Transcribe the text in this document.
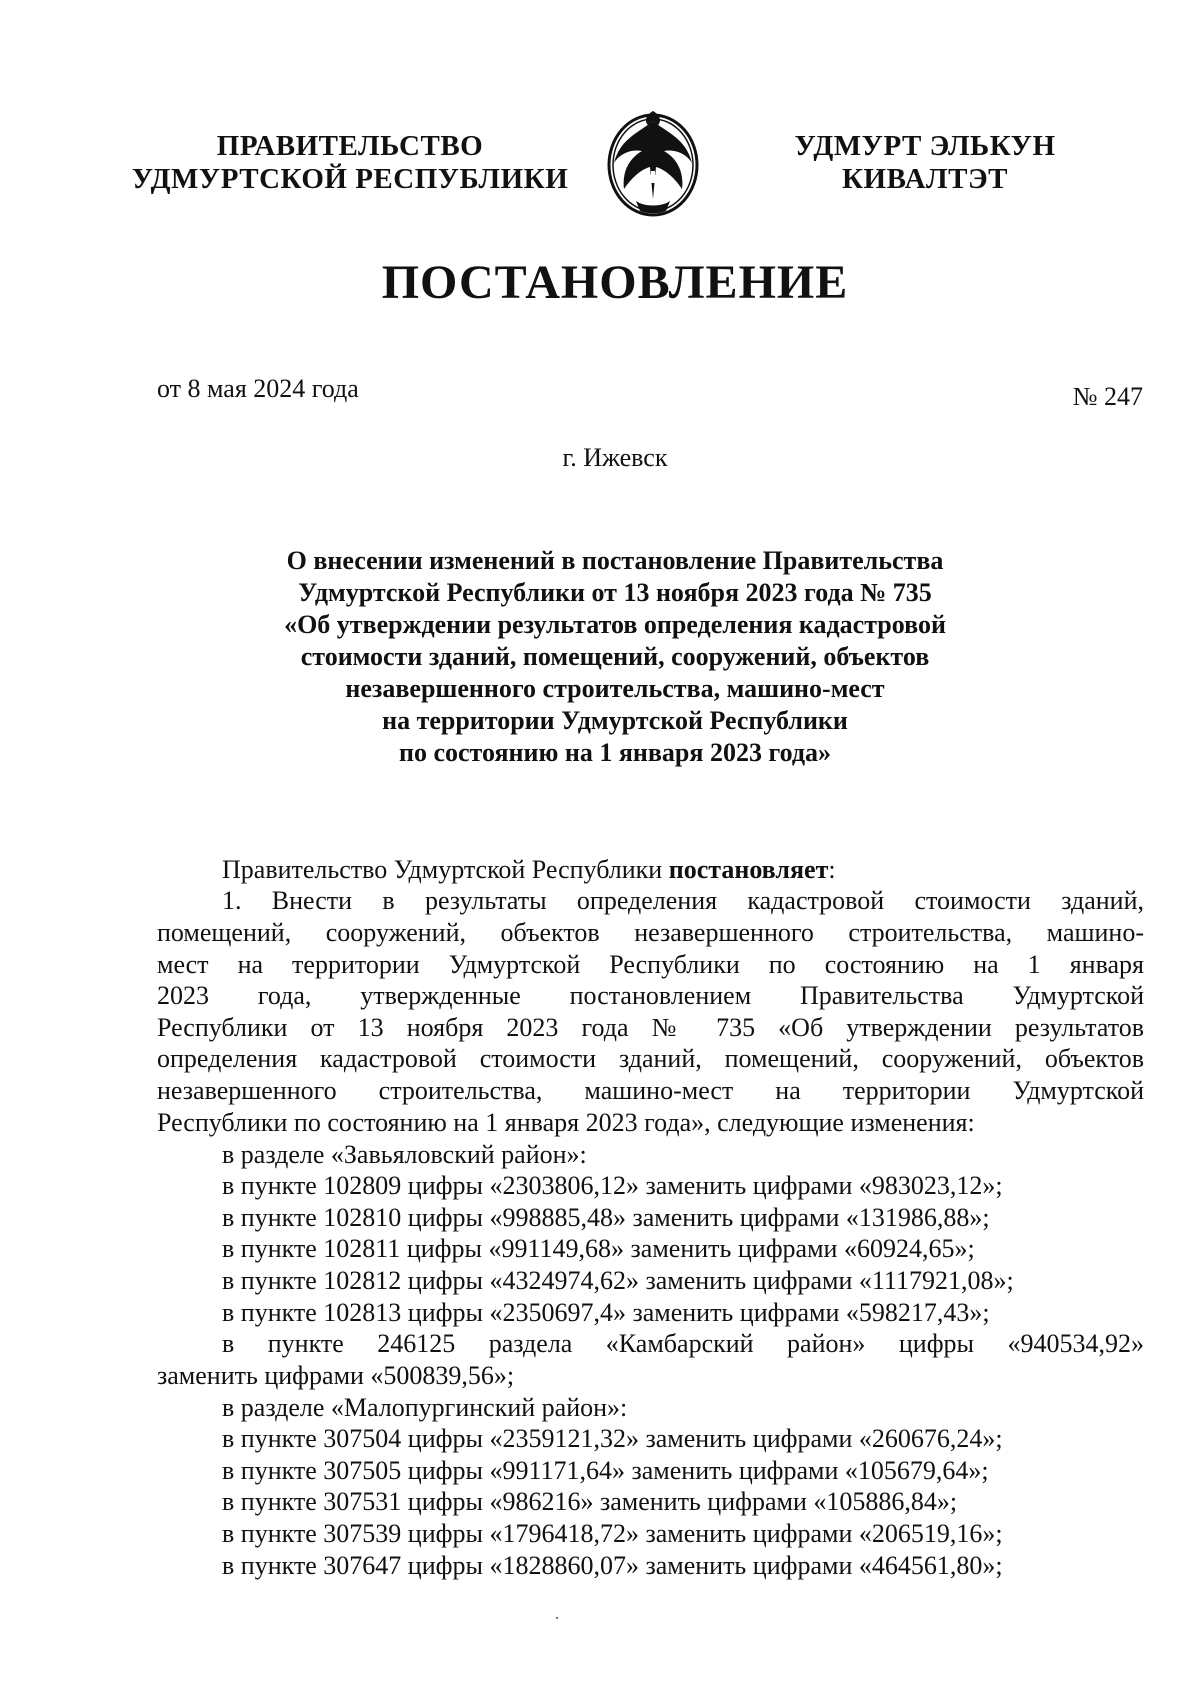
ПРАВИТЕЛЬСТВО
УДМУРТСКОЙ РЕСПУБЛИКИ
УДМУРТ ЭЛЬКУН
КИВАЛТЭТ
ПОСТАНОВЛЕНИЕ
от 8 мая 2024 года	№ 247
г. Ижевск
О внесении изменений в постановление Правительства
Удмуртской Республики от 13 ноября 2023 года № 735
«Об утверждении результатов определения кадастровой
стоимости зданий, помещений, сооружений, объектов
незавершенного строительства, машино-мест
на территории Удмуртской Республики
по состоянию на 1 января 2023 года»
Правительство Удмуртской Республики постановляет:
1. Внести в результаты определения кадастровой стоимости зданий,
помещений, сооружений, объектов незавершенного строительства, машино-
мест на территории Удмуртской Республики по состоянию на 1 января
2023 года, утвержденные постановлением Правительства Удмуртской
Республики от 13 ноября 2023 года № 735 «Об утверждении результатов
определения кадастровой стоимости зданий, помещений, сооружений, объектов
незавершенного строительства, машино-мест на территории Удмуртской
Республики по состоянию на 1 января 2023 года», следующие изменения:
в разделе «Завьяловский район»:
в пункте 102809 цифры «2303806,12» заменить цифрами «983023,12»;
в пункте 102810 цифры «998885,48» заменить цифрами «131986,88»;
в пункте 102811 цифры «991149,68» заменить цифрами «60924,65»;
в пункте 102812 цифры «4324974,62» заменить цифрами «1117921,08»;
в пункте 102813 цифры «2350697,4» заменить цифрами «598217,43»;
в пункте 246125 раздела «Камбарский район» цифры «940534,92»
заменить цифрами «500839,56»;
в разделе «Малопургинский район»:
в пункте 307504 цифры «2359121,32» заменить цифрами «260676,24»;
в пункте 307505 цифры «991171,64» заменить цифрами «105679,64»;
в пункте 307531 цифры «986216» заменить цифрами «105886,84»;
в пункте 307539 цифры «1796418,72» заменить цифрами «206519,16»;
в пункте 307647 цифры «1828860,07» заменить цифрами «464561,80»;
